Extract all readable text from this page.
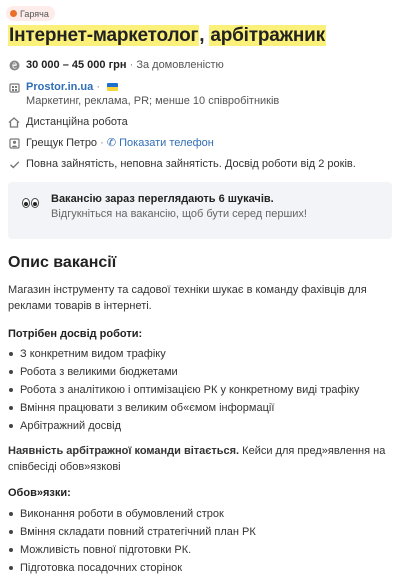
Гаряча
Інтернет-маркетолог, арбітражник
₴ 30 000 – 45 000 грн · За домовленістю
Prostor.in.ua ·
Маркетинг, реклама, PR; менше 10 співробітників
Дистанційна робота
Грещук Петро · ✆ Показати телефон
Повна зайнятість, неповна зайнятість. Досвід роботи від 2 років.
Вакансію зараз переглядають 6 шукачів.
Відгукніться на вакансію, щоб бути серед перших!
Опис вакансії

Магазин інструменту та садової техніки шукає в команду фахівців для реклами товарів в інтернеті.

Потрібен досвід роботи:
З конкретним видом трафіку
Робота з великими бюджетами
Робота з аналітикою і оптимізацією РК у конкретному виді трафіку
Вміння працювати з великим об«ємом інформації
Арбітражний досвід

Наявність арбітражної команди вітається. Кейси для пред»явлення на співбесіді обов»язкові

Обов»язки:
Виконання роботи в обумовлений строк
Вміння складати повний стратегічний план РК
Можливість повної підготовки РК.
Підготовка посадочних сторінок
